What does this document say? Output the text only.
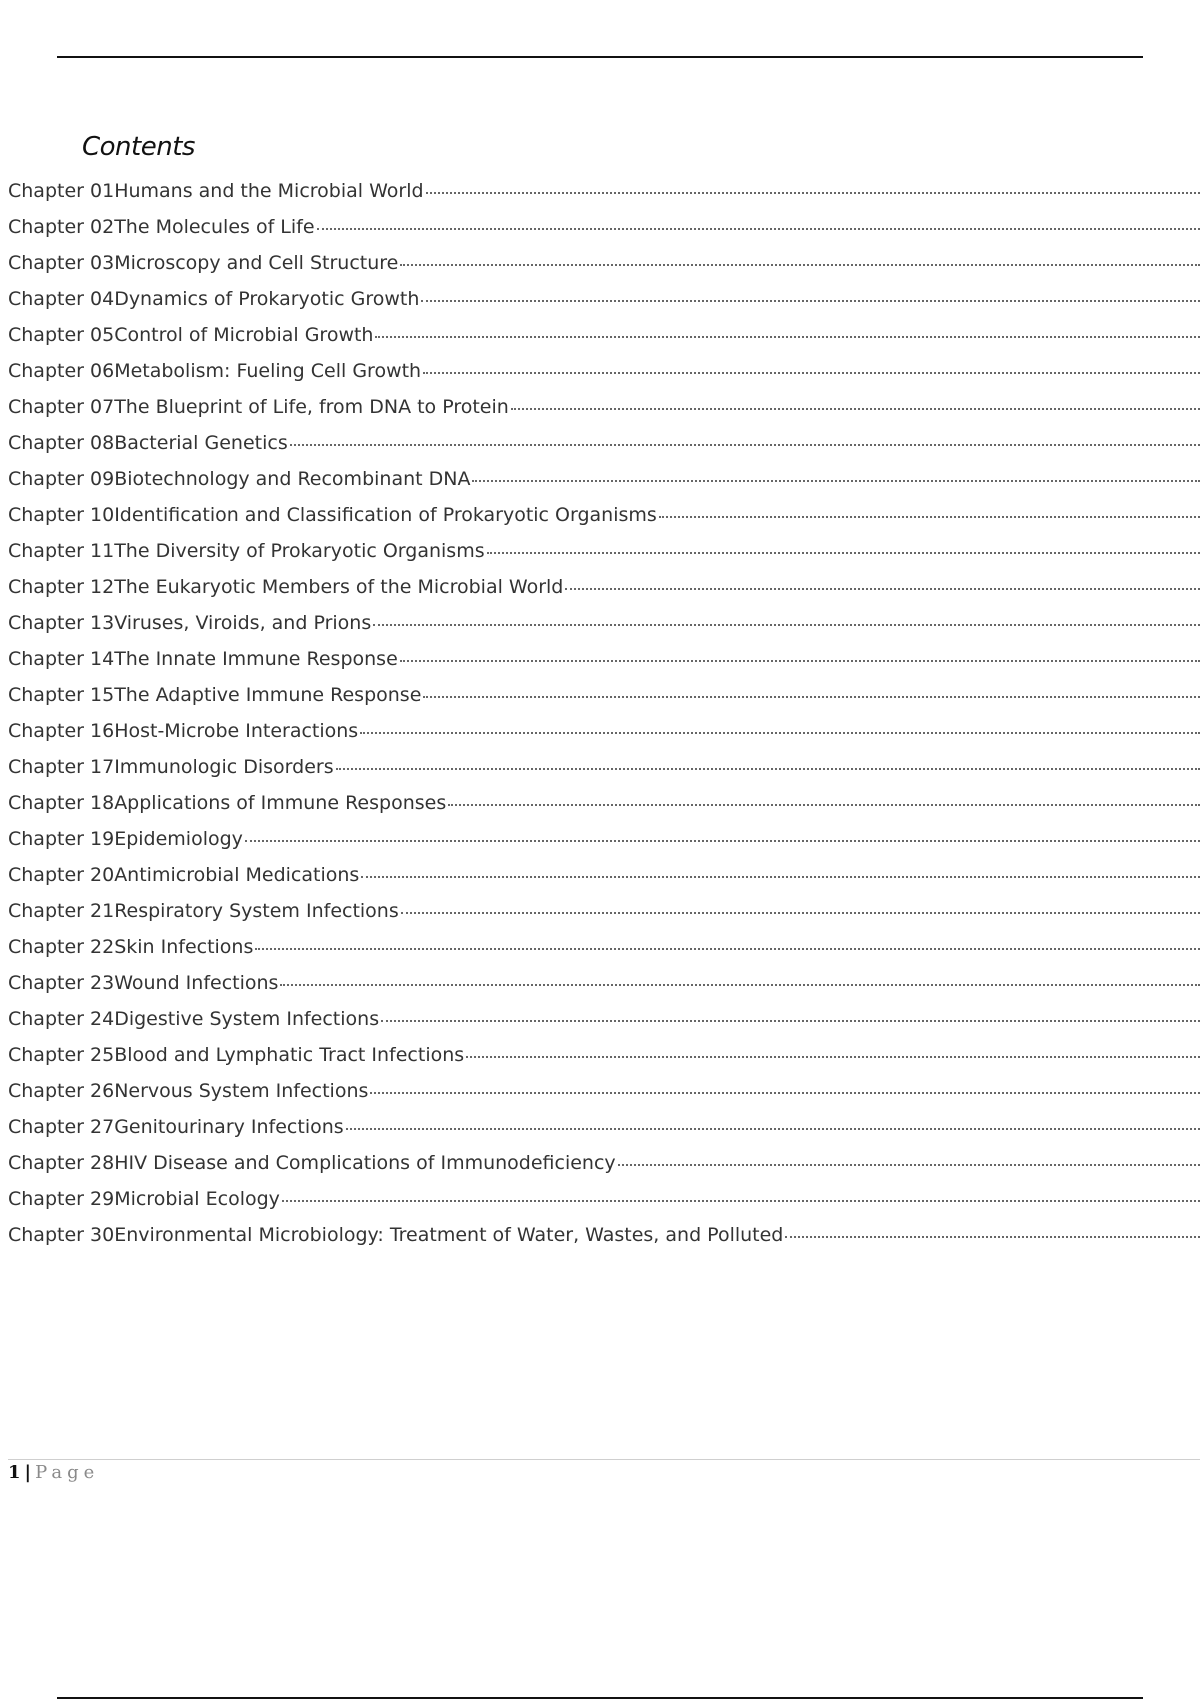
Contents
Chapter 01 Humans and the Microbial World
Chapter 02 The Molecules of Life
Chapter 03 Microscopy and Cell Structure
Chapter 04 Dynamics of Prokaryotic Growth
Chapter 05 Control of Microbial Growth
Chapter 06 Metabolism: Fueling Cell Growth
Chapter 07 The Blueprint of Life, from DNA to Protein
Chapter 08 Bacterial Genetics
Chapter 09 Biotechnology and Recombinant DNA
Chapter 10 Identification and Classification of Prokaryotic Organisms
Chapter 11 The Diversity of Prokaryotic Organisms
Chapter 12 The Eukaryotic Members of the Microbial World
Chapter 13 Viruses, Viroids, and Prions
Chapter 14 The Innate Immune Response
Chapter 15 The Adaptive Immune Response
Chapter 16 Host-Microbe Interactions
Chapter 17 Immunologic Disorders
Chapter 18 Applications of Immune Responses
Chapter 19 Epidemiology
Chapter 20 Antimicrobial Medications
Chapter 21 Respiratory System Infections
Chapter 22 Skin Infections
Chapter 23 Wound Infections
Chapter 24 Digestive System Infections
Chapter 25 Blood and Lymphatic Tract Infections
Chapter 26 Nervous System Infections
Chapter 27 Genitourinary Infections
Chapter 28 HIV Disease and Complications of Immunodeficiency
Chapter 29 Microbial Ecology
Chapter 30 Environmental Microbiology: Treatment of Water, Wastes, and Polluted
1 | Page
